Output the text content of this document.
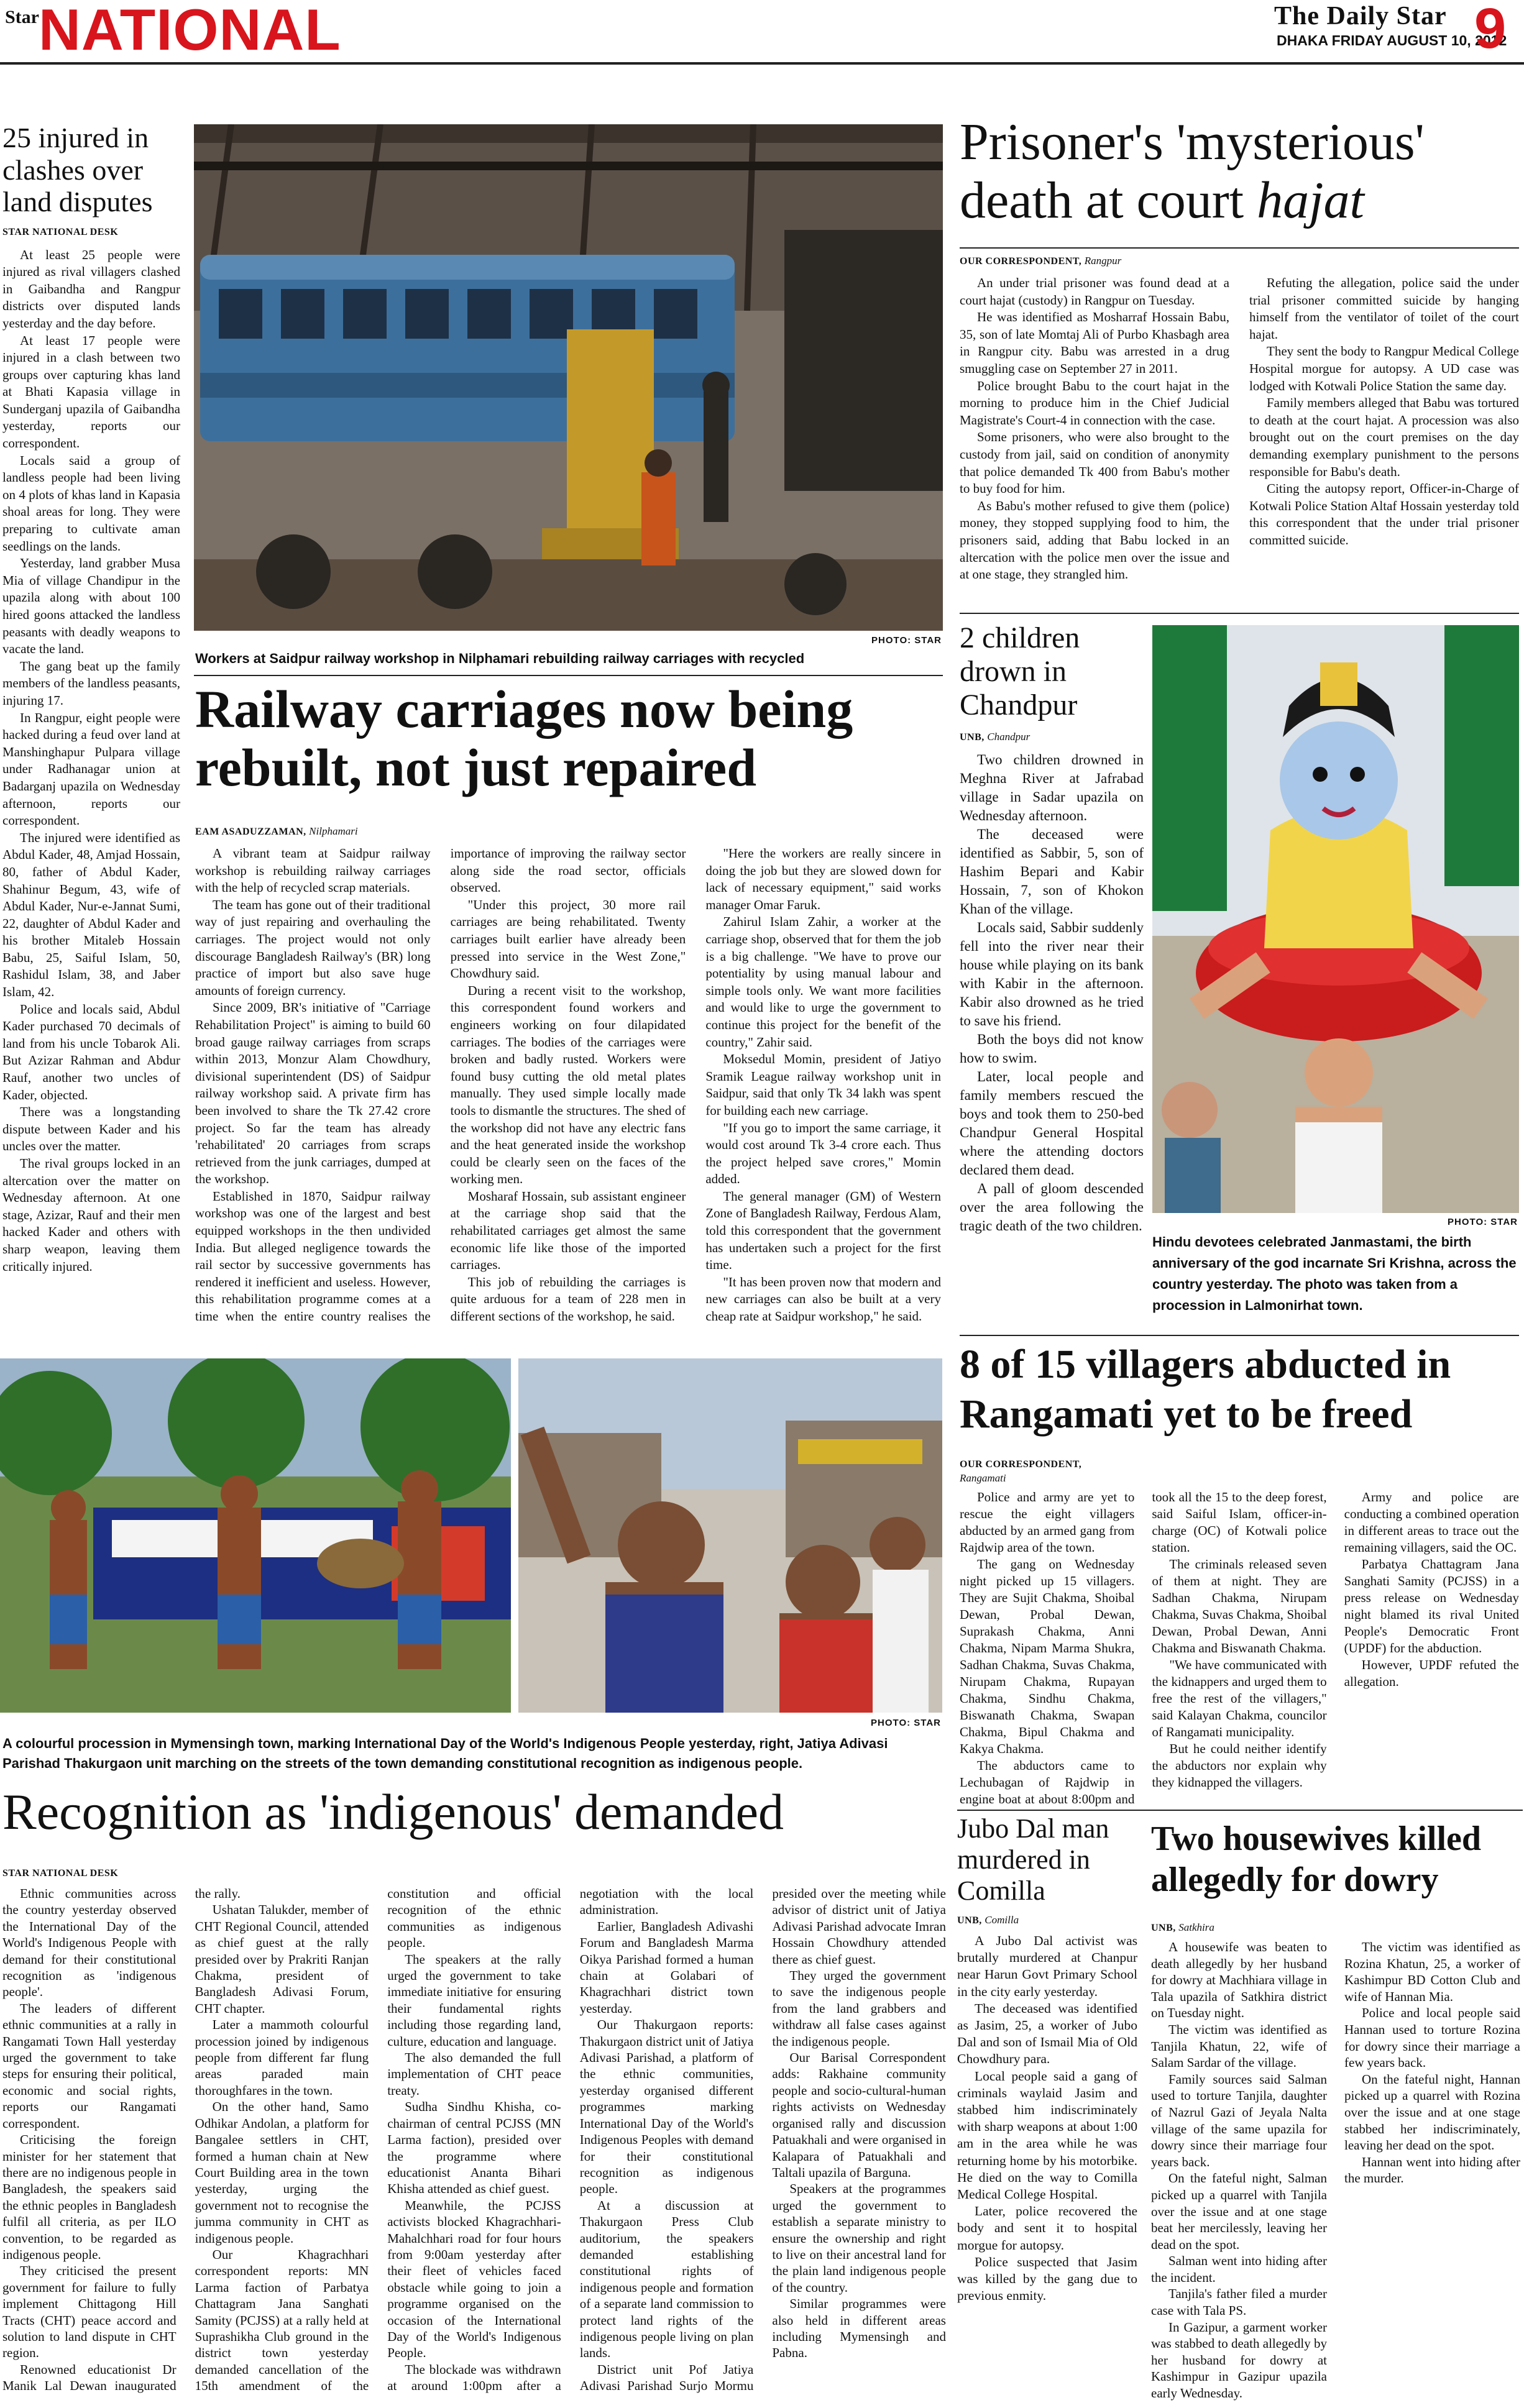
Star NATIONAL	The Daily Star
DHAKA FRIDAY AUGUST 10, 2012
9
25 injured in clashes over land disputes
STAR NATIONAL DESK

At least 25 people were injured as rival villagers clashed in Gaibandha and Rangpur districts over disputed lands yesterday and the day before.

At least 17 people were injured in a clash between two groups over capturing khas land at Bhati Kapasia village in Sunderganj upazila of Gaibandha yesterday, reports our correspondent.

Locals said a group of landless people had been living on 4 plots of khas land in Kapasia shoal areas for long. They were preparing to cultivate aman seedlings on the lands.

Yesterday, land grabber Musa Mia of village Chandipur in the upazila along with about 100 hired goons attacked the landless peasants with deadly weapons to vacate the land.

The gang beat up the family members of the landless peasants, injuring 17.

In Rangpur, eight people were hacked during a feud over land at Manshinghapur Pulpara village under Radhanagar union at Badarganj upazila on Wednesday afternoon, reports our correspondent.

The injured were identified as Abdul Kader, 48, Amjad Hossain, 80, father of Abdul Kader, Shahinur Begum, 43, wife of Abdul Kader, Nur-e-Jannat Sumi, 22, daughter of Abdul Kader and his brother Mitaleb Hossain Babu, 25, Saiful Islam, 50, Rashidul Islam, 38, and Jaber Islam, 42.

Police and locals said, Abdul Kader purchased 70 decimals of land from his uncle Tobarok Ali. But Azizar Rahman and Abdur Rauf, another two uncles of Kader, objected.

There was a longstanding dispute between Kader and his uncles over the matter.

The rival groups locked in an altercation over the matter on Wednesday afternoon. At one stage, Azizar, Rauf and their men hacked Kader and others with sharp weapon, leaving them critically injured.

Workers at Saidpur railway workshop in Nilphamari rebuilding railway carriages with recycled
PHOTO: STAR
Railway carriages now being rebuilt, not just repaired
EAM ASADUZZAMAN, Nilphamari

A vibrant team at Saidpur railway workshop is rebuilding railway carriages with the help of recycled scrap materials.

The team has gone out of their traditional way of just repairing and overhauling the carriages. The project would not only discourage Bangladesh Railway's (BR) long practice of import but also save huge amounts of foreign currency.

Since 2009, BR's initiative of "Carriage Rehabilitation Project" is aiming to build 60 broad gauge railway carriages from scraps within 2013, Monzur Alam Chowdhury, divisional superintendent (DS) of Saidpur railway workshop said. A private firm has been involved to share the Tk 27.42 crore project. So far the team has already 'rehabilitated' 20 carriages from scraps retrieved from the junk carriages, dumped at the workshop.

Established in 1870, Saidpur railway workshop was one of the largest and best equipped workshops in the then undivided India. But alleged negligence towards the rail sector by successive governments has rendered it inefficient and useless. However, this rehabilitation programme comes at a time when the entire country realises the importance of improving the railway sector along side the road sector, officials observed.

"Under this project, 30 more rail carriages are being rehabilitated. Twenty carriages built earlier have already been pressed into service in the West Zone," Chowdhury said.

During a recent visit to the workshop, this correspondent found workers and engineers working on four dilapidated carriages. The bodies of the carriages were broken and badly rusted. Workers were found busy cutting the old metal plates manually. They used simple locally made tools to dismantle the structures. The shed of the workshop did not have any electric fans and the heat generated inside the workshop could be clearly seen on the faces of the working men.

Mosharaf Hossain, sub assistant engineer at the carriage shop said that the rehabilitated carriages get almost the same economic life like those of the imported carriages.

This job of rebuilding the carriages is quite arduous for a team of 228 men in different sections of the workshop, he said.

"Here the workers are really sincere in doing the job but they are slowed down for lack of necessary equipment," said works manager Omar Faruk.

Zahirul Islam Zahir, a worker at the carriage shop, observed that for them the job is a big challenge. "We have to prove our potentiality by using manual labour and simple tools only. We want more facilities and would like to urge the government to continue this project for the benefit of the country," Zahir said.

Moksedul Momin, president of Jatiyo Sramik League railway workshop unit in Saidpur, said that only Tk 34 lakh was spent for building each new carriage.

"If you go to import the same carriage, it would cost around Tk 3-4 crore each. Thus the project helped save crores," Momin added.

The general manager (GM) of Western Zone of Bangladesh Railway, Ferdous Alam, told this correspondent that the government has undertaken such a project for the first time.

"It has been proven now that modern and new carriages can also be built at a very cheap rate at Saidpur workshop," he said.

Prisoner's 'mysterious' death at court hajat
OUR CORRESPONDENT, Rangpur

An under trial prisoner was found dead at a court hajat (custody) in Rangpur on Tuesday.

He was identified as Mosharraf Hossain Babu, 35, son of late Momtaj Ali of Purbo Khasbagh area in Rangpur city. Babu was arrested in a drug smuggling case on September 27 in 2011.

Police brought Babu to the court hajat in the morning to produce him in the Chief Judicial Magistrate's Court-4 in connection with the case.

Some prisoners, who were also brought to the custody from jail, said on condition of anonymity that police demanded Tk 400 from Babu's mother to buy food for him.

As Babu's mother refused to give them (police) money, they stopped supplying food to him, the prisoners said, adding that Babu locked in an altercation with the police men over the issue and at one stage, they strangled him.

Refuting the allegation, police said the under trial prisoner committed suicide by hanging himself from the ventilator of toilet of the court hajat.

They sent the body to Rangpur Medical College Hospital morgue for autopsy. A UD case was lodged with Kotwali Police Station the same day.

Family members alleged that Babu was tortured to death at the court hajat. A procession was also brought out on the court premises on the day demanding exemplary punishment to the persons responsible for Babu's death.

Citing the autopsy report, Officer-in-Charge of Kotwali Police Station Altaf Hossain yesterday told this correspondent that the under trial prisoner committed suicide.

2 children drown in Chandpur
UNB, Chandpur

Two children drowned in Meghna River at Jafrabad village in Sadar upazila on Wednesday afternoon.

The deceased were identified as Sabbir, 5, son of Hashim Bepari and Kabir Hossain, 7, son of Khokon Khan of the village.

Locals said, Sabbir suddenly fell into the river near their house while playing on its bank with Kabir in the afternoon. Kabir also drowned as he tried to save his friend.

Both the boys did not know how to swim.

Later, local people and family members rescued the boys and took them to 250-bed Chandpur General Hospital where the attending doctors declared them dead.

A pall of gloom descended over the area following the tragic death of the two children.	PHOTO: STAR
Hindu devotees celebrated Janmastami, the birth anniversary of the god incarnate Sri Krishna, across the country yesterday. The photo was taken from a procession in Lalmonirhat town.
8 of 15 villagers abducted in Rangamati yet to be freed
OUR CORRESPONDENT,
Rangamati

Police and army are yet to rescue the eight villagers abducted by an armed gang from Rajdwip area of the town.

The gang on Wednesday night picked up 15 villagers. They are Sujit Chakma, Shoibal Dewan, Probal Dewan, Suprakash Chakma, Anni Chakma, Nipam Marma Shukra, Sadhan Chakma, Suvas Chakma, Nirupam Chakma, Rupayan Chakma, Sindhu Chakma, Biswanath Chakma, Swapan Chakma, Bipul Chakma and Kakya Chakma.

The abductors came to Lechubagan of Rajdwip in engine boat at about 8:00pm and took all the 15 to the deep forest, said Saiful Islam, officer-in-charge (OC) of Kotwali police station.

The criminals released seven of them at night. They are Sadhan Chakma, Nirupam Chakma, Suvas Chakma, Shoibal Dewan, Probal Dewan, Anni Chakma and Biswanath Chakma.

"We have communicated with the kidnappers and urged them to free the rest of the villagers," said Kalayan Chakma, councilor of Rangamati municipality.

But he could neither identify the abductors nor explain why they kidnapped the villagers.

Army and police are conducting a combined operation in different areas to trace out the remaining villagers, said the OC.

Parbatya Chattagram Jana Sanghati Samity (PCJSS) in a press release on Wednesday night blamed its rival United People's Democratic Front (UPDF) for the abduction.

However, UPDF refuted the allegation.

PHOTO: STAR
A colourful procession in Mymensingh town, marking International Day of the World's Indigenous People yesterday, right, Jatiya Adivasi Parishad Thakurgaon unit marching on the streets of the town demanding constitutional recognition as indigenous people.
Recognition as 'indigenous' demanded
STAR NATIONAL DESK

Ethnic communities across the country yesterday observed the International Day of the World's Indigenous People with demand for their constitutional recognition as 'indigenous people'.

The leaders of different ethnic communities at a rally in Rangamati Town Hall yesterday urged the government to take steps for ensuring their political, economic and social rights, reports our Rangamati correspondent.

Criticising the foreign minister for her statement that there are no indigenous people in Bangladesh, the speakers said the ethnic peoples in Bangladesh fulfil all criteria, as per ILO convention, to be regarded as indigenous people.

They criticised the present government for failure to fully implement Chittagong Hill Tracts (CHT) peace accord and solution to land dispute in CHT region.

Renowned educationist Dr Manik Lal Dewan inaugurated the rally.

Ushatan Talukder, member of CHT Regional Council, attended as chief guest at the rally presided over by Prakriti Ranjan Chakma, president of Bangladesh Adivasi Forum, CHT chapter.

Later a mammoth colourful procession joined by indigenous people from different far flung areas paraded main thoroughfares in the town.

On the other hand, Samo Odhikar Andolan, a platform for Bangalee settlers in CHT, formed a human chain at New Court Building area in the town yesterday, urging the government not to recognise the jumma community in CHT as indigenous people.

Our Khagrachhari correspondent reports: MN Larma faction of Parbatya Chattagram Jana Sanghati Samity (PCJSS) at a rally held at Suprashikha Club ground in the district town yesterday demanded cancellation of the 15th amendment of the constitution and official recognition of the ethnic communities as indigenous people.

The speakers at the rally urged the government to take immediate initiative for ensuring their fundamental rights including those regarding land, culture, education and language.

The also demanded the full implementation of CHT peace treaty.

Sudha Sindhu Khisha, co-chairman of central PCJSS (MN Larma faction), presided over the programme where educationist Ananta Bihari Khisha attended as chief guest.

Meanwhile, the PCJSS activists blocked Khagrachhari-Mahalchhari road for four hours from 9:00am yesterday after their fleet of vehicles faced obstacle while going to join a programme organised on the occasion of the International Day of the World's Indigenous People.

The blockade was withdrawn at around 1:00pm after a negotiation with the local administration.

Earlier, Bangladesh Adivashi Forum and Bangladesh Marma Oikya Parishad formed a human chain at Golabari of Khagrachhari district town yesterday.

Our Thakurgaon reports: Thakurgaon district unit of Jatiya Adivasi Parishad, a platform of the ethnic communities, yesterday organised different programmes marking International Day of the World's Indigenous Peoples with demand for their constitutional recognition as indigenous people.

At a discussion at Thakurgaon Press Club auditorium, the speakers demanded establishing constitutional rights of indigenous people and formation of a separate land commission to protect land rights of the indigenous people living on plan lands.

District unit Pof Jatiya Adivasi Parishad Surjo Mormu presided over the meeting while advisor of district unit of Jatiya Adivasi Parishad advocate Imran Hossain Chowdhury attended there as chief guest.

They urged the government to save the indigenous people from the land grabbers and withdraw all false cases against the indigenous people.

Our Barisal Correspondent adds: Rakhaine community people and socio-cultural-human rights activists on Wednesday organised rally and discussion Patuakhali and were organised in Kalapara of Patuakhali and Taltali upazila of Barguna.

Speakers at the programmes urged the government to establish a separate ministry to ensure the ownership and right to live on their ancestral land for the plain land indigenous people of the country.

Similar programmes were also held in different areas including Mymensingh and Pabna.

Jubo Dal man murdered in Comilla
UNB, Comilla

A Jubo Dal activist was brutally murdered at Chanpur near Harun Govt Primary School in the city early yesterday.

The deceased was identified as Jasim, 25, a worker of Jubo Dal and son of Ismail Mia of Old Chowdhury para.

Local people said a gang of criminals waylaid Jasim and stabbed him indiscriminately with sharp weapons at about 1:00 am in the area while he was returning home by his motorbike. He died on the way to Comilla Medical College Hospital.

Later, police recovered the body and sent it to hospital morgue for autopsy.

Police suspected that Jasim was killed by the gang due to previous enmity.

Two housewives killed allegedly for dowry
UNB, Satkhira

A housewife was beaten to death allegedly by her husband for dowry at Machhiara village in Tala upazila of Satkhira district on Tuesday night.

The victim was identified as Tanjila Khatun, 22, wife of Salam Sardar of the village.

Family sources said Salman used to torture Tanjila, daughter of Nazrul Gazi of Jeyala Nalta village of the same upazila for dowry since their marriage four years back.

On the fateful night, Salman picked up a quarrel with Tanjila over the issue and at one stage beat her mercilessly, leaving her dead on the spot.

Salman went into hiding after the incident.

Tanjila's father filed a murder case with Tala PS.

In Gazipur, a garment worker was stabbed to death allegedly by her husband for dowry at Kashimpur in Gazipur upazila early Wednesday.

The victim was identified as Rozina Khatun, 25, a worker of Kashimpur BD Cotton Club and wife of Hannan Mia.

Police and local people said Hannan used to torture Rozina for dowry since their marriage a few years back.

On the fateful night, Hannan picked up a quarrel with Rozina over the issue and at one stage stabbed her indiscriminately, leaving her dead on the spot.

Hannan went into hiding after the murder.
